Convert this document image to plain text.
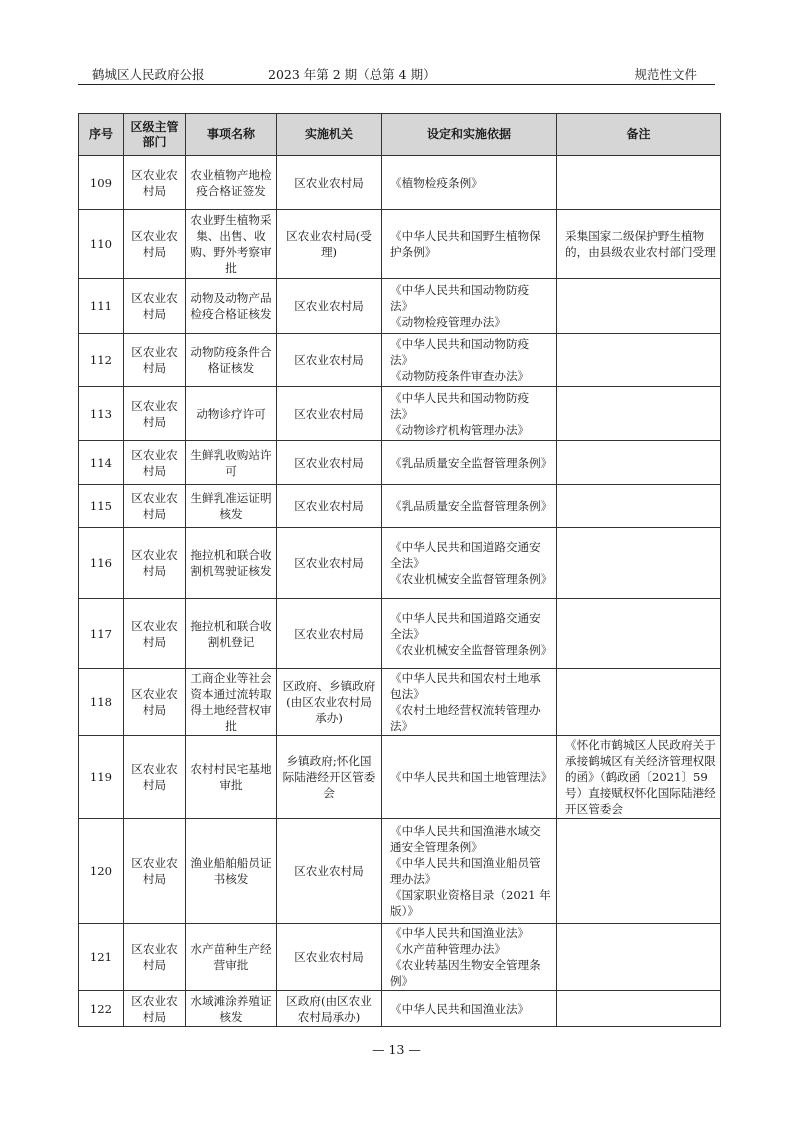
鹤城区人民政府公报	2023 年第 2 期（总第 4 期）	规范性文件
序号	区级主管部门	事项名称	实施机关	设定和实施依据	备注
109	区农业农村局	农业植物产地检疫合格证签发	区农业农村局	《植物检疫条例》	
110	区农业农村局	农业野生植物采集、出售、收购、野外考察审批	区农业农村局(受理)	《中华人民共和国野生植物保护条例》	采集国家二级保护野生植物的，由县级农业农村部门受理
111	区农业农村局	动物及动物产品检疫合格证核发	区农业农村局	《中华人民共和国动物防疫法》
《动物检疫管理办法》	
112	区农业农村局	动物防疫条件合格证核发	区农业农村局	《中华人民共和国动物防疫法》
《动物防疫条件审查办法》	
113	区农业农村局	动物诊疗许可	区农业农村局	《中华人民共和国动物防疫法》
《动物诊疗机构管理办法》	
114	区农业农村局	生鲜乳收购站许可	区农业农村局	《乳品质量安全监督管理条例》	
115	区农业农村局	生鲜乳准运证明核发	区农业农村局	《乳品质量安全监督管理条例》	
116	区农业农村局	拖拉机和联合收割机驾驶证核发	区农业农村局	《中华人民共和国道路交通安全法》
《农业机械安全监督管理条例》	
117	区农业农村局	拖拉机和联合收割机登记	区农业农村局	《中华人民共和国道路交通安全法》
《农业机械安全监督管理条例》	
118	区农业农村局	工商企业等社会资本通过流转取得土地经营权审批	区政府、乡镇政府(由区农业农村局承办)	《中华人民共和国农村土地承包法》
《农村土地经营权流转管理办法》	
119	区农业农村局	农村村民宅基地审批	乡镇政府;怀化国际陆港经开区管委会	《中华人民共和国土地管理法》	《怀化市鹤城区人民政府关于承接鹤城区有关经济管理权限的函》（鹤政函〔2021〕59 号）直接赋权怀化国际陆港经开区管委会
120	区农业农村局	渔业船舶船员证书核发	区农业农村局	《中华人民共和国渔港水域交通安全管理条例》
《中华人民共和国渔业船员管理办法》
《国家职业资格目录（2021 年版）》	
121	区农业农村局	水产苗种生产经营审批	区农业农村局	《中华人民共和国渔业法》
《水产苗种管理办法》
《农业转基因生物安全管理条例》	
122	区农业农村局	水域滩涂养殖证核发	区政府(由区农业农村局承办)	《中华人民共和国渔业法》	
— 13 —
